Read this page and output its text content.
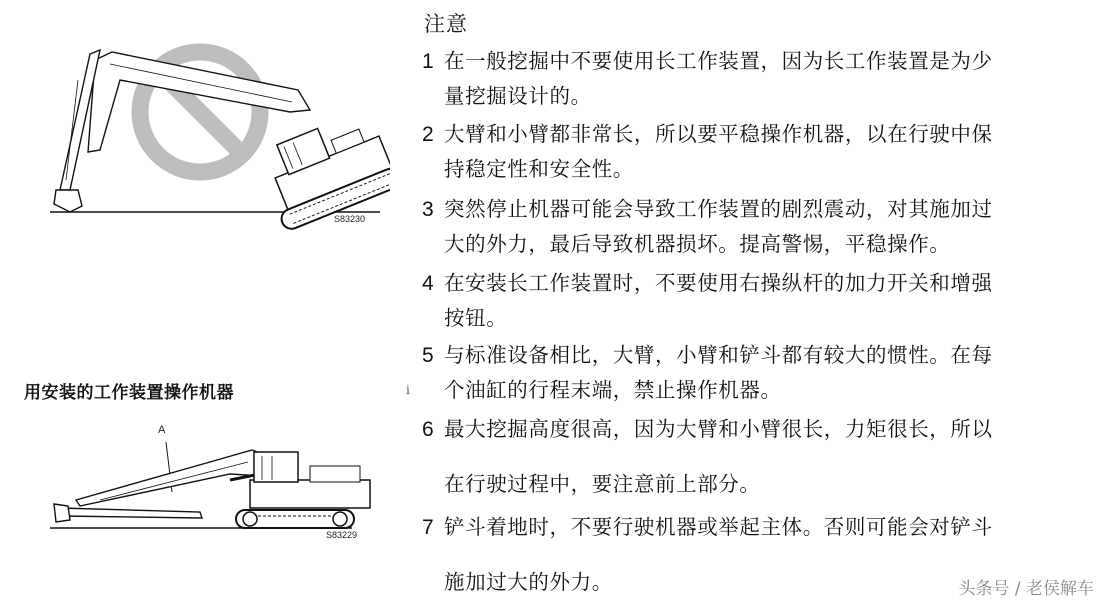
S83230
用安装的工作装置操作机器	i
A
S83229
注意
1 在一般挖掘中不要使用长工作装置，因为长工作装置是为少
量挖掘设计的。
2 大臂和小臂都非常长，所以要平稳操作机器，以在行驶中保
持稳定性和安全性。
3 突然停止机器可能会导致工作装置的剧烈震动，对其施加过
大的外力，最后导致机器损坏。提高警惕，平稳操作。
4 在安装长工作装置时，不要使用右操纵杆的加力开关和增强
按钮。
5 与标准设备相比，大臂，小臂和铲斗都有较大的惯性。在每
个油缸的行程末端，禁止操作机器。
6 最大挖掘高度很高，因为大臂和小臂很长，力矩很长，所以
在行驶过程中，要注意前上部分。
7 铲斗着地时，不要行驶机器或举起主体。否则可能会对铲斗
施加过大的外力。	头条号 / 老侯解车
